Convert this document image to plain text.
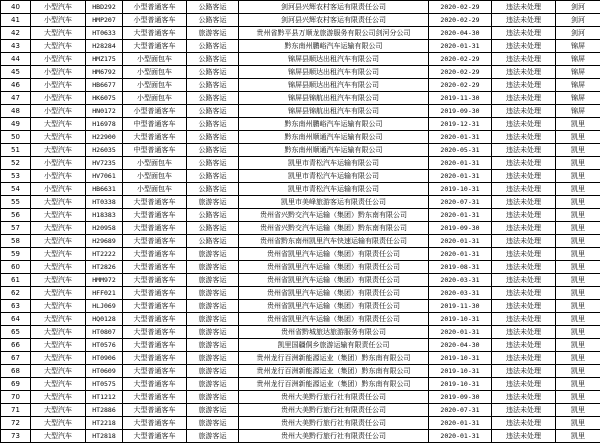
40	小型汽车	HBD292	小型普通客车	公路客运	剑河县兴辉农村客运有限责任公司	2020-02-29	违法未处理	剑河
41	小型汽车	HMP207	小型普通客车	公路客运	剑河县兴辉农村客运有限责任公司	2020-02-29	违法未处理	剑河
42	大型汽车	HT0633	大型普通客车	旅游客运	贵州省黔平县万顺龙旅游服务有限公司剑河分公司	2020-04-30	违法未处理	剑河
43	大型汽车	H28284	大型普通客车	公路客运	黔东南州鹏峪汽车运输有限公司	2020-01-31	违法未处理	锦屏
44	小型汽车	HMZ175	小型面包车	公路客运	锦屏县顺达出租汽车有限公司	2020-02-29	违法未处理	锦屏
45	小型汽车	HM6792	小型面包车	公路客运	锦屏县顺达出租汽车有限公司	2020-02-29	违法未处理	锦屏
46	小型汽车	HB6677	小型面包车	公路客运	锦屏县顺达出租汽车有限公司	2020-02-29	违法未处理	锦屏
47	小型汽车	HK6075	小型面包车	公路客运	锦屏县锦航出租汽车有限公司	2019-11-30	违法未处理	锦屏
48	小型汽车	HN0172	小型普通客车	公路客运	锦屏县锦航出租汽车有限公司	2019-09-30	违法未处理	锦屏
49	大型汽车	H16978	中型普通客车	公路客运	黔东南州鹏峪汽车运输有限公司	2019-12-31	违法未处理	凯里
50	大型汽车	H22900	大型普通客车	公路客运	黔东南州顺通汽车运输有限公司	2020-01-31	违法未处理	凯里
51	大型汽车	H26035	中型普通客车	公路客运	黔东南州顺通汽车运输有限公司	2020-05-31	违法未处理	凯里
52	小型汽车	HV7235	小型面包车	公路客运	凯里市青松汽车运输有限公司	2020-01-31	违法未处理	凯里
53	小型汽车	HV7061	小型面包车	公路客运	凯里市青松汽车运输有限公司	2020-01-31	违法未处理	凯里
54	小型汽车	HB6631	小型面包车	公路客运	凯里市青松汽车运输有限公司	2019-10-31	违法未处理	凯里
55	大型汽车	HT0338	大型普通客车	旅游客运	凯里市美峰旅游客运有限责任公司	2020-07-31	违法未处理	凯里
56	大型汽车	H18383	大型普通客车	公路客运	贵州省兴黔交汽车运输（集团）黔东南有限公司	2020-01-31	违法未处理	凯里
57	大型汽车	H20958	大型普通客车	公路客运	贵州省兴黔交汽车运输（集团）黔东南有限公司	2019-09-30	违法未处理	凯里
58	大型汽车	H29689	大型普通客车	公路客运	贵州省黔东南州凯里汽车快速运输有限责任公司	2020-01-31	违法未处理	凯里
59	大型汽车	HT2222	大型普通客车	旅游客运	贵州省凯里汽车运输（集团）有限责任公司	2020-01-31	违法未处理	凯里
60	大型汽车	HT2826	大型普通客车	旅游客运	贵州省凯里汽车运输（集团）有限责任公司	2019-08-31	违法未处理	凯里
61	大型汽车	HMM972	大型普通客车	旅游客运	贵州省凯里汽车运输（集团）有限责任公司	2020-03-31	违法未处理	凯里
62	大型汽车	HFF021	大型普通客车	旅游客运	贵州省凯里汽车运输（集团）有限责任公司	2020-03-31	违法未处理	凯里
63	大型汽车	HLJ069	大型普通客车	旅游客运	贵州省凯里汽车运输（集团）有限责任公司	2019-11-30	违法未处理	凯里
64	大型汽车	HQ0128	大型普通客车	旅游客运	贵州省凯里汽车运输（集团）有限责任公司	2019-10-31	违法未处理	凯里
65	大型汽车	HT0807	大型普通客车	旅游客运	贵州省黔城旅达旅游服务有限公司	2020-01-31	违法未处理	凯里
66	大型汽车	HT0576	大型普通客车	旅游客运	凯里国疆侗乡旅游运输有限责任公司	2020-04-30	违法未处理	凯里
67	大型汽车	HT0906	大型普通客车	旅游客运	贵州龙行百洲新能源运业（集团）黔东南有限公司	2019-10-31	违法未处理	凯里
68	大型汽车	HT0609	大型普通客车	旅游客运	贵州龙行百洲新能源运业（集团）黔东南有限公司	2019-10-31	违法未处理	凯里
69	大型汽车	HT0575	大型普通客车	旅游客运	贵州龙行百洲新能源运业（集团）黔东南有限公司	2019-10-31	违法未处理	凯里
70	大型汽车	HT1212	大型普通客车	旅游客运	贵州大美黔行旅行社有限责任公司	2019-09-30	违法未处理	凯里
71	大型汽车	HT2886	大型普通客车	旅游客运	贵州大美黔行旅行社有限责任公司	2020-07-31	违法未处理	凯里
72	大型汽车	HT2218	大型普通客车	旅游客运	贵州大美黔行旅行社有限责任公司	2020-01-31	违法未处理	凯里
73	大型汽车	HT2818	大型普通客车	旅游客运	贵州大美黔行旅行社有限责任公司	2020-01-31	违法未处理	凯里
